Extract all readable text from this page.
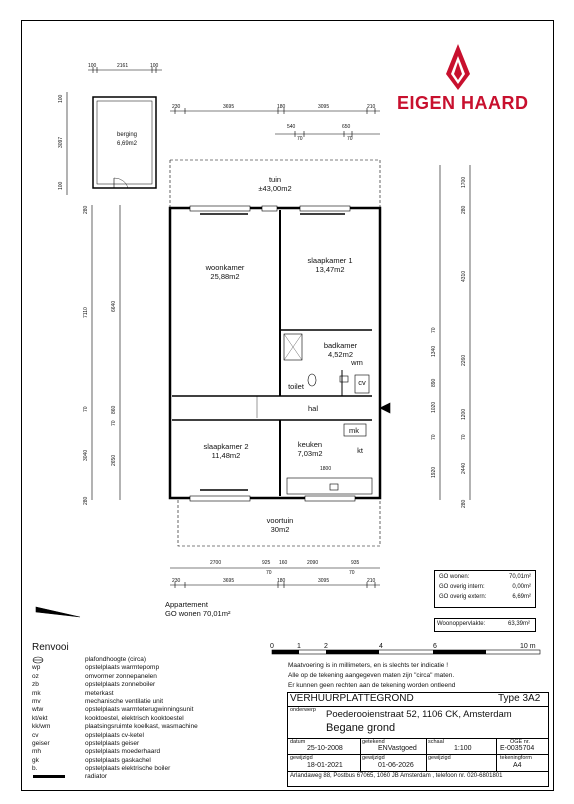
EIGEN HAARD
100	2161	100
230	3695	180	3095	210
540
70
650
70
100
3097
100
280
7110
6640
70	860
70
3040	2650
280
1700
280
4310
1340
70
2260
890
1020
1200
70	70
1920	2440
280
2700	925 160	2090	935
70	70
230	3695	180	3095	210
1800
berging
6,69m2
tuin
±43,00m2
woonkamer
25,88m2
slaapkamer 1
13,47m2
badkamer
4,52m2
wm
toilet	cv
hal
mk
kt
slaapkamer 2
11,48m2
keuken
7,03m2
voortuin
30m2
Appartement
GO wonen 70,01m²
GO wonen:	70,01m²
GO overig intern:	0,00m²
GO overig extern:	6,69m²
Woonoppervlakte:	63,39m²
Renvooi
plafondhoogte (circa)
wp	opstelplaats warmtepomp
oz	omvormer zonnepanelen
zb	opstelplaats zonneboiler
mk	meterkast
mv	mechanische ventilatie unit
wtw	opstelplaats warmteterugwinningsunit
kt/ekt	kooktoestel, elektrisch kooktoestel
kk/wm	plaatsingsruimte koelkast, wasmachine
cv	opstelplaats cv-ketel
geiser	opstelplaats geiser
mh	opstelplaats moederhaard
gk	opstelplaats gaskachel
b.	opstelplaats elektrische boiler
radiator
0	1	2	4	6	10 m
Maatvoering is in millimeters, en is slechts ter indicatie !
Alle op de tekening aangegeven maten zijn "circa" maten.
Er kunnen geen rechten aan de tekening worden ontleend
VERHUURPLATTEGROND	Type 3A2
onderwerp Poederooienstraat 52, 1106 CK, Amsterdam
Begane grond
datum
25-10-2008
getekend
ENVastgoed
schaal
1:100
OGE nr.
E-0035704
gewijzigd
18-01-2021
gewijzigd
01-06-2026
gewijzigd	tekeningform
A4
Arlandaweg 88, Postbus 67065, 1060 JB Amsterdam , telefoon nr. 020-6801801
